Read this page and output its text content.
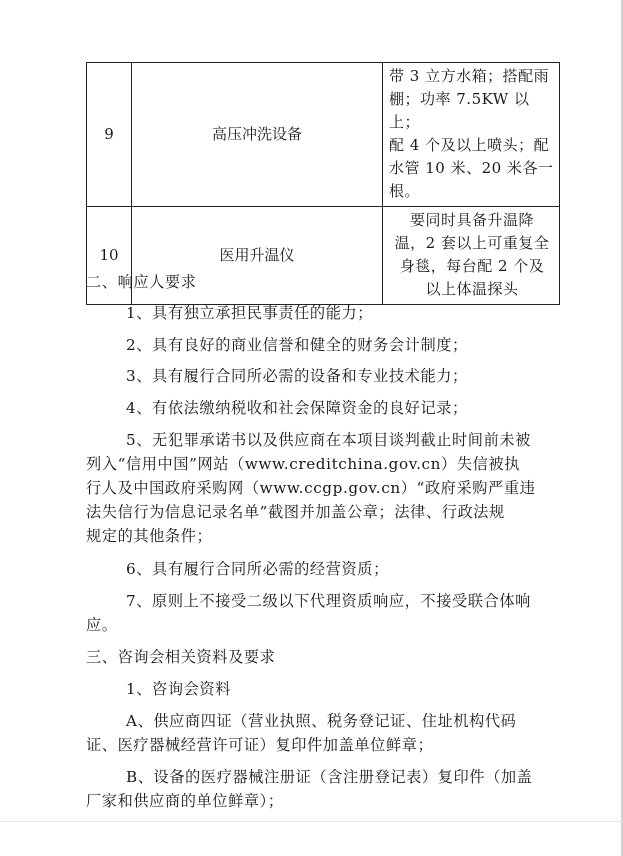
9	高压冲洗设备	带 3 立方水箱；搭配雨
棚；功率 7.5KW 以上；
配 4 个及以上喷头；配
水管 10 米、20 米各一
根。

10	医用升温仪	要同时具备升温降
温，2 套以上可重复全
身毯，每台配 2 个及
以上体温探头
二、响应人要求
1、具有独立承担民事责任的能力；
2、具有良好的商业信誉和健全的财务会计制度；
3、具有履行合同所必需的设备和专业技术能力；
4、有依法缴纳税收和社会保障资金的良好记录；
5、无犯罪承诺书以及供应商在本项目谈判截止时间前未被
列入“信用中国”网站（www.creditchina.gov.cn）失信被执
行人及中国政府采购网（www.ccgp.gov.cn）“政府采购严重违
法失信行为信息记录名单”截图并加盖公章；法律、行政法规
规定的其他条件；
6、具有履行合同所必需的经营资质；
7、原则上不接受二级以下代理资质响应，不接受联合体响
应。
三、咨询会相关资料及要求
1、咨询会资料
A、供应商四证（营业执照、税务登记证、住址机构代码
证、医疗器械经营许可证）复印件加盖单位鲜章；
B、设备的医疗器械注册证（含注册登记表）复印件（加盖
厂家和供应商的单位鲜章）；
